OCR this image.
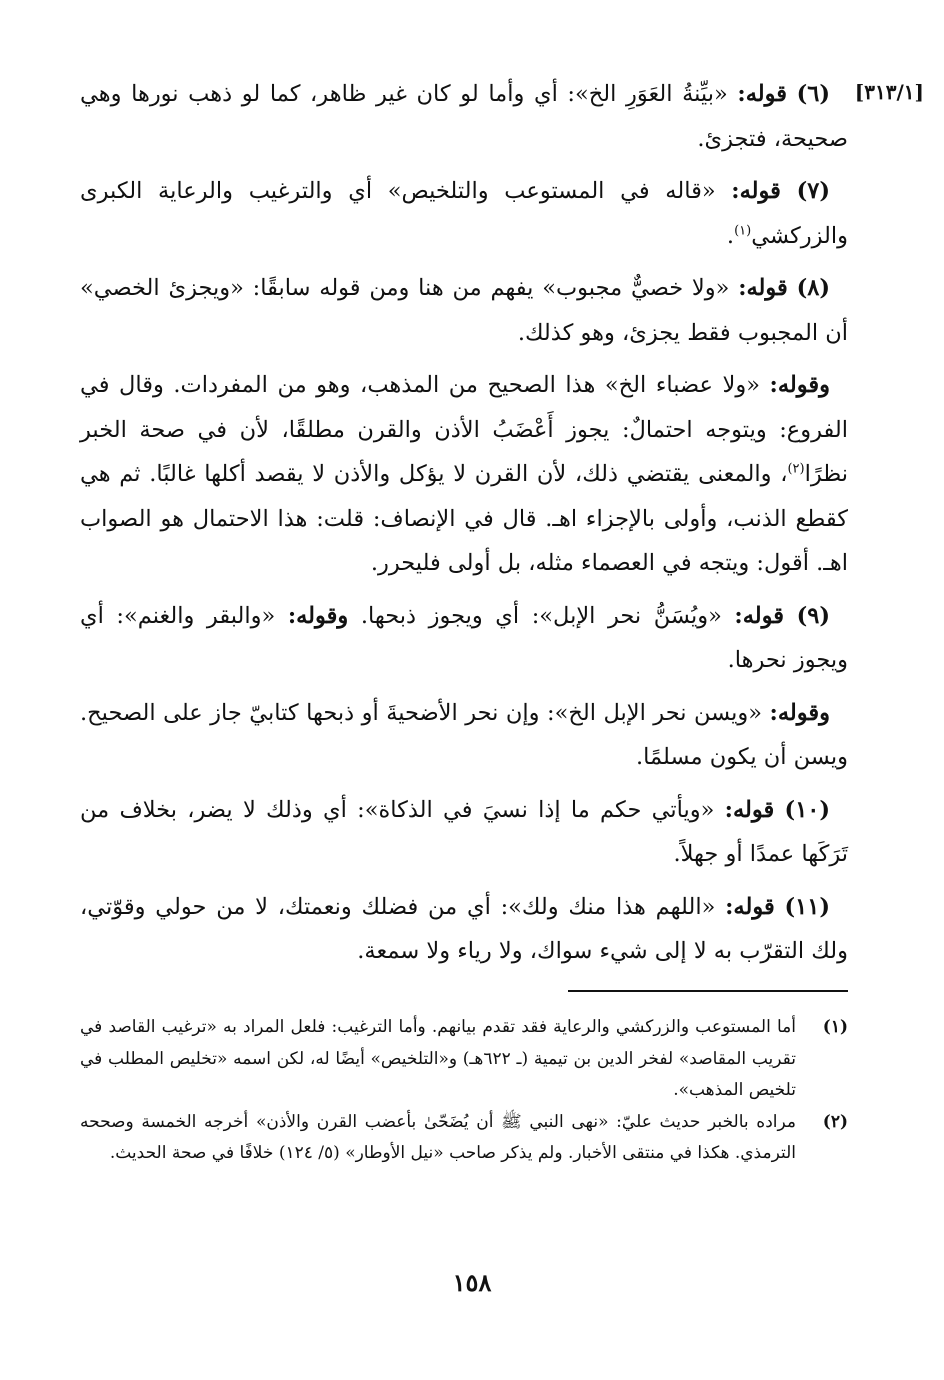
[٣١٣/١]

(٦) قوله: «بيِّنةُ العَوَرِ الخ»: أي وأما لو كان غير ظاهر، كما لو ذهب نورها وهي صحيحة، فتجزئ.

(٧) قوله: «قاله في المستوعب والتلخيص» أي والترغيب والرعاية الكبرى والزركشي$^{(١)}$.

(٨) قوله: «ولا خصيٌّ مجبوب» يفهم من هنا ومن قوله سابقًا: «ويجزئ الخصي» أن المجبوب فقط يجزئ، وهو كذلك.

وقوله: «ولا عضباء الخ» هذا الصحيح من المذهب، وهو من المفردات. وقال في الفروع: ويتوجه احتمالٌ: يجوز أَعْضَبُ الأذن والقرن مطلقًا، لأن في صحة الخبر نظرًا$^{(٢)}$، والمعنى يقتضي ذلك، لأن القرن لا يؤكل والأذن لا يقصد أكلها غالبًا. ثم هي كقطع الذنب، وأولى بالإجزاء اهـ. قال في الإنصاف: قلت: هذا الاحتمال هو الصواب اهـ. أقول: ويتجه في العصماء مثله، بل أولى فليحرر.

(٩) قوله: «ويُسَنُّ نحر الإبل»: أي ويجوز ذبحها. وقوله: «والبقر والغنم»: أي ويجوز نحرها.

وقوله: «ويسن نحر الإبل الخ»: وإن نحر الأضحيةَ أو ذبحها كتابيّ جاز على الصحيح. ويسن أن يكون مسلمًا.

(١٠) قوله: «ويأتي حكم ما إذا نسيَ في الذكاة»: أي وذلك لا يضر، بخلاف من تَرَكَها عمدًا أو جهلاً.

(١١) قوله: «اللهم هذا منك ولك»: أي من فضلك ونعمتك، لا من حولي وقوّتي، ولك التقرّب به لا إلى شيء سواك، ولا رياء ولا سمعة.

(١)
أما المستوعب والزركشي والرعاية فقد تقدم بيانهم. وأما الترغيب: فلعل المراد به «ترغيب القاصد في تقريب المقاصد» لفخر الدين بن تيمية (ـ ٦٢٢هـ) و«التلخيص» أيضًا له، لكن اسمه «تخليص المطلب في تلخيص المذهب».
(٢)
مراده بالخبر حديث عليّ: «نهى النبي ﷺ أن يُضَحّىٰ بأعضب القرن والأذن» أخرجه الخمسة وصححه الترمذي. هكذا في منتقى الأخبار. ولم يذكر صاحب «نيل الأوطار» (٥/ ١٢٤) خلافًا في صحة الحديث.
١٥٨
